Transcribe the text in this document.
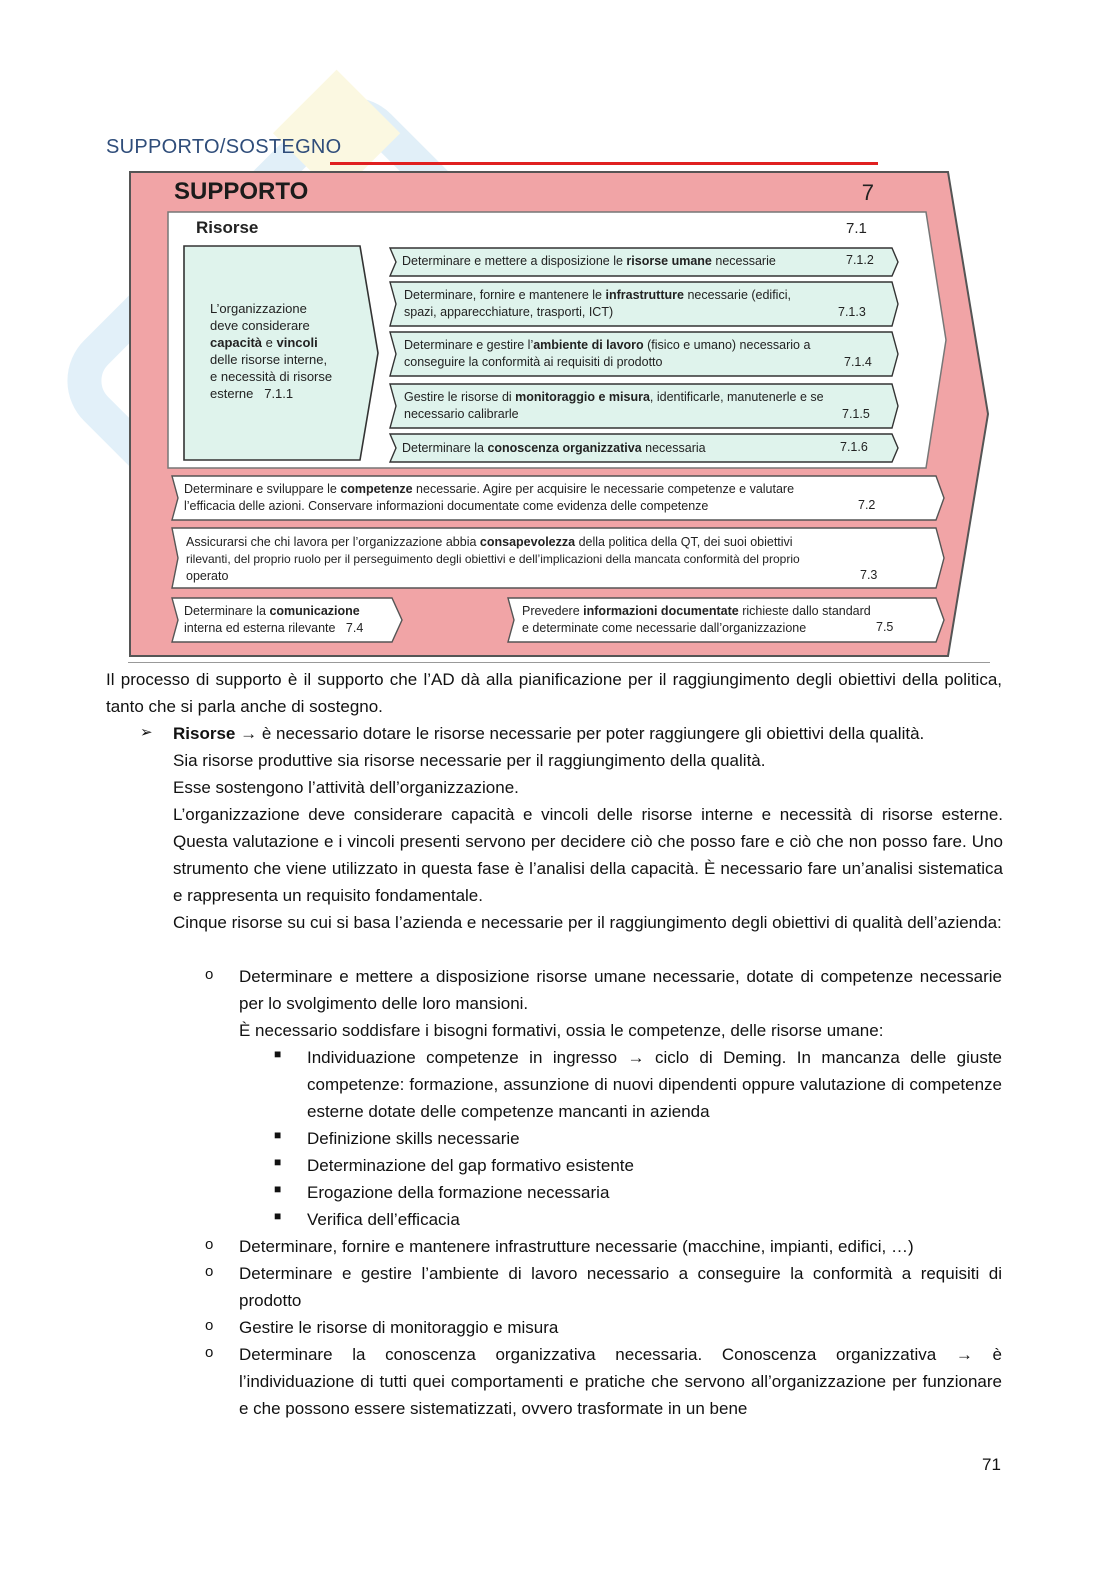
SUPPORTO/SOSTEGNO
SUPPORTO	7
Risorse	7.1
L’organizzazione
deve considerare
capacità e vincoli
delle risorse interne,
e necessità di risorse
esterne 7.1.1
Determinare e mettere a disposizione le risorse umane necessarie	7.1.2
Determinare, fornire e mantenere le infrastrutture necessarie (edifici,
spazi, apparecchiature, trasporti, ICT)	7.1.3
Determinare e gestire l’ambiente di lavoro (fisico e umano) necessario a
conseguire la conformità ai requisiti di prodotto	7.1.4
Gestire le risorse di monitoraggio e misura, identificarle, manutenerle e se
necessario calibrarle	7.1.5
Determinare la conoscenza organizzativa necessaria	7.1.6
Determinare e sviluppare le competenze necessarie. Agire per acquisire le necessarie competenze e valutare
l’efficacia delle azioni. Conservare informazioni documentate come evidenza delle competenze	7.2
Assicurarsi che chi lavora per l’organizzazione abbia consapevolezza della politica della QT, dei suoi obiettivi
rilevanti, del proprio ruolo per il perseguimento degli obiettivi e dell’implicazioni della mancata conformità del proprio
operato	7.3
Determinare la comunicazione
interna ed esterna rilevante 7.4
Prevedere informazioni documentate richieste dallo standard
e determinate come necessarie dall’organizzazione	7.5
Il processo di supporto è il supporto che l’AD dà alla pianificazione per il raggiungimento degli obiettivi della politica, tanto che si parla anche di sostegno.
➢ Risorse → è necessario dotare le risorse necessarie per poter raggiungere gli obiettivi della qualità.
Sia risorse produttive sia risorse necessarie per il raggiungimento della qualità.
Esse sostengono l’attività dell’organizzazione.
L’organizzazione deve considerare capacità e vincoli delle risorse interne e necessità di risorse esterne. Questa valutazione e i vincoli presenti servono per decidere ciò che posso fare e ciò che non posso fare. Uno strumento che viene utilizzato in questa fase è l’analisi della capacità. È necessario fare un’analisi sistematica e rappresenta un requisito fondamentale.
Cinque risorse su cui si basa l’azienda e necessarie per il raggiungimento degli obiettivi di qualità dell’azienda:
o Determinare e mettere a disposizione risorse umane necessarie, dotate di competenze necessarie per lo svolgimento delle loro mansioni.
È necessario soddisfare i bisogni formativi, ossia le competenze, delle risorse umane:
■ Individuazione competenze in ingresso → ciclo di Deming. In mancanza delle giuste competenze: formazione, assunzione di nuovi dipendenti oppure valutazione di competenze esterne dotate delle competenze mancanti in azienda
■ Definizione skills necessarie
■ Determinazione del gap formativo esistente
■ Erogazione della formazione necessaria
■ Verifica dell’efficacia
o Determinare, fornire e mantenere infrastrutture necessarie (macchine, impianti, edifici, …)
o Determinare e gestire l’ambiente di lavoro necessario a conseguire la conformità a requisiti di prodotto
o Gestire le risorse di monitoraggio e misura
o Determinare la conoscenza organizzativa necessaria. Conoscenza organizzativa → è l’individuazione di tutti quei comportamenti e pratiche che servono all’organizzazione per funzionare e che possono essere sistematizzati, ovvero trasformate in un bene
71
